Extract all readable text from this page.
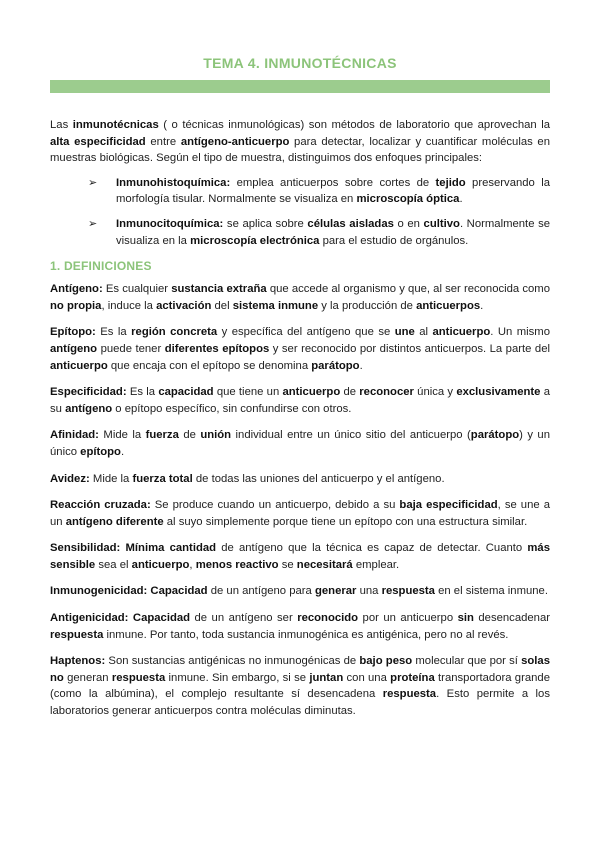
TEMA 4. INMUNOTÉCNICAS

Las inmunotécnicas ( o técnicas inmunológicas) son métodos de laboratorio que aprovechan la alta especificidad entre antígeno-anticuerpo para detectar, localizar y cuantificar moléculas en muestras biológicas. Según el tipo de muestra, distinguimos dos enfoques principales:

➢ Inmunohistoquímica: emplea anticuerpos sobre cortes de tejido preservando la morfología tisular. Normalmente se visualiza en microscopía óptica.
➢ Inmunocitoquímica: se aplica sobre células aisladas o en cultivo. Normalmente se visualiza en la microscopía electrónica para el estudio de orgánulos.
1. DEFINICIONES

Antígeno: Es cualquier sustancia extraña que accede al organismo y que, al ser reconocida como no propia, induce la activación del sistema inmune y la producción de anticuerpos.

Epítopo: Es la región concreta y específica del antígeno que se une al anticuerpo. Un mismo antígeno puede tener diferentes epítopos y ser reconocido por distintos anticuerpos. La parte del anticuerpo que encaja con el epítopo se denomina parátopo.

Especificidad: Es la capacidad que tiene un anticuerpo de reconocer única y exclusivamente a su antígeno o epítopo específico, sin confundirse con otros.

Afinidad: Mide la fuerza de unión individual entre un único sitio del anticuerpo (parátopo) y un único epítopo.

Avidez: Mide la fuerza total de todas las uniones del anticuerpo y el antígeno.

Reacción cruzada: Se produce cuando un anticuerpo, debido a su baja especificidad, se une a un antígeno diferente al suyo simplemente porque tiene un epítopo con una estructura similar.

Sensibilidad: Mínima cantidad de antígeno que la técnica es capaz de detectar. Cuanto más sensible sea el anticuerpo, menos reactivo se necesitará emplear.

Inmunogenicidad: Capacidad de un antígeno para generar una respuesta en el sistema inmune.

Antigenicidad: Capacidad de un antígeno ser reconocido por un anticuerpo sin desencadenar respuesta inmune. Por tanto, toda sustancia inmunogénica es antigénica, pero no al revés.

Haptenos: Son sustancias antigénicas no inmunogénicas de bajo peso molecular que por sí solas no generan respuesta inmune. Sin embargo, si se juntan con una proteína transportadora grande (como la albúmina), el complejo resultante sí desencadena respuesta. Esto permite a los laboratorios generar anticuerpos contra moléculas diminutas.
